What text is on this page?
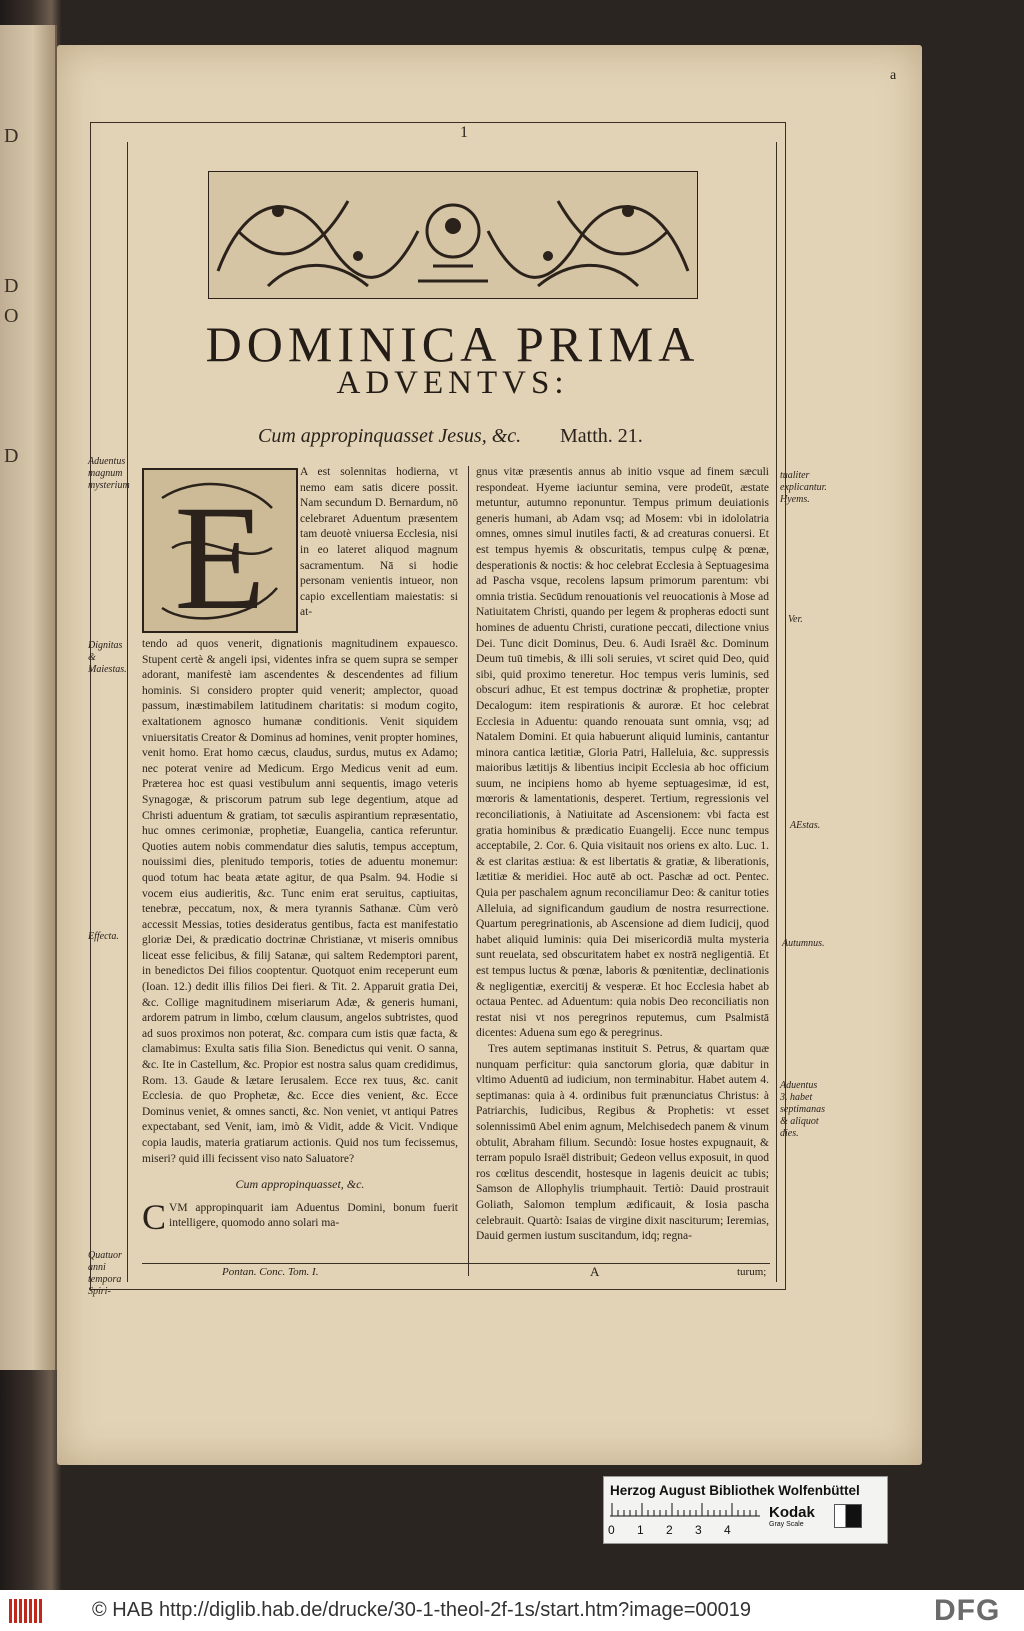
D
D
O
D
a
1
DOMINICA PRIMA
ADVENTVS:
Cum appropinquasset Jesus, &c. Matth. 21.
E

A est solennitas hodierna, vt nemo eam satis dicere possit. Nam secundum D. Bernardum, nō celebraret Aduentum præsentem tam deuotè vniuersa Ecclesia, nisi in eo lateret aliquod magnum sacramentum. Nā si hodie personam venientis intueor, non capio excellentiam maiestatis: si at-

tendo ad quos venerit, dignationis magnitudinem expauesco. Stupent certè & angeli ipsi, videntes infra se quem supra se semper adorant, manifestè iam ascendentes & descendentes ad filium hominis. Si considero propter quid venerit; amplector, quoad passum, inæstimabilem latitudinem charitatis: si modum cogito, exaltationem agnosco humanæ conditionis. Venit siquidem vniuersitatis Creator & Dominus ad homines, venit propter homines, venit homo. Erat homo cæcus, claudus, surdus, mutus ex Adamo; nec poterat venire ad Medicum. Ergo Medicus venit ad eum. Præterea hoc est quasi vestibulum anni sequentis, imago veteris Synagogæ, & priscorum patrum sub lege degentium, atque ad Christi aduentum & gratiam, tot sæculis aspirantium repræsentatio, huc omnes cerimoniæ, prophetiæ, Euangelia, cantica referuntur. Quoties autem nobis commendatur dies salutis, tempus acceptum, nouissimi dies, plenitudo temporis, toties de aduentu monemur: quod totum hac beata ætate agitur, de qua Psalm. 94. Hodie si vocem eius audieritis, &c. Tunc enim erat seruitus, captiuitas, tenebræ, peccatum, nox, & mera tyrannis Sathanæ. Cùm verò accessit Messias, toties desideratus gentibus, facta est manifestatio gloriæ Dei, & prædicatio doctrinæ Christianæ, vt miseris omnibus liceat esse felicibus, & filij Satanæ, qui saltem Redemptori parent, in benedictos Dei filios cooptentur. Quotquot enim receperunt eum (Ioan. 12.) dedit illis filios Dei fieri. & Tit. 2. Apparuit gratia Dei, &c. Collige magnitudinem miseriarum Adæ, & generis humani, ardorem patrum in limbo, cœlum clausum, angelos subtristes, quod ad suos proximos non poterat, &c. compara cum istis quæ facta, & clamabimus: Exulta satis filia Sion. Benedictus qui venit. O sanna, &c. Ite in Castellum, &c. Propior est nostra salus quam credidimus, Rom. 13. Gaude & lætare Ierusalem. Ecce rex tuus, &c. canit Ecclesia. de quo Prophetæ, &c. Ecce dies venient, &c. Ecce Dominus veniet, & omnes sancti, &c. Non veniet, vt antiqui Patres expectabant, sed Venit, iam, imò & Vidit, adde & Vicit. Vndique copia laudis, materia gratiarum actionis. Quid nos tum fecissemus, miseri? quid illi fecissent viso nato Saluatore?

Cum appropinquasset, &c.

CVM appropinquarit iam Aduentus Domini, bonum fuerit intelligere, quomodo anno solari ma-

gnus vitæ præsentis annus ab initio vsque ad finem sæculi respondeat. Hyeme iaciuntur semina, vere prodeūt, æstate metuntur, autumno reponuntur. Tempus primum deuiationis generis humani, ab Adam vsq; ad Mosem: vbi in idololatria omnes, omnes simul inutiles facti, & ad creaturas conuersi. Et est tempus hyemis & obscuritatis, tempus culpę & pœnæ, desperationis & noctis: & hoc celebrat Ecclesia à Septuagesima ad Pascha vsque, recolens lapsum primorum parentum: vbi omnia tristia. Secūdum renouationis vel reuocationis à Mose ad Natiuitatem Christi, quando per legem & propheras edocti sunt homines de aduentu Christi, curatione peccati, dilectione vnius Dei. Tunc dicit Dominus, Deu. 6. Audi Israël &c. Dominum Deum tuū timebis, & illi soli seruies, vt sciret quid Deo, quid sibi, quid proximo teneretur. Hoc tempus veris luminis, sed obscuri adhuc, Et est tempus doctrinæ & prophetiæ, propter Decalogum: item respirationis & auroræ. Et hoc celebrat Ecclesia in Aduentu: quando renouata sunt omnia, vsq; ad Natalem Domini. Et quia habuerunt aliquid luminis, cantantur minora cantica lætitiæ, Gloria Patri, Halleluia, &c. suppressis maioribus lætitijs & libentius incipit Ecclesia ab hoc officium suum, ne incipiens homo ab hyeme septuagesimæ, id est, mœroris & lamentationis, desperet. Tertium, regressionis vel reconciliationis, à Natiuitate ad Ascensionem: vbi facta est gratia hominibus & prædicatio Euangelij. Ecce nunc tempus acceptabile, 2. Cor. 6. Quia visitauit nos oriens ex alto. Luc. 1. & est claritas æstiua: & est libertatis & gratiæ, & liberationis, lætitiæ & meridiei. Hoc autē ab oct. Paschæ ad oct. Pentec. Quia per paschalem agnum reconciliamur Deo: & canitur toties Alleluia, ad significandum gaudium de nostra resurrectione. Quartum peregrinationis, ab Ascensione ad diem Iudicij, quod habet aliquid luminis: quia Dei misericordiā multa mysteria sunt reuelata, sed obscuritatem habet ex nostrā negligentiā. Et est tempus luctus & pœnæ, laboris & pœnitentiæ, declinationis & negligentiæ, exercitij & vesperæ. Et hoc Ecclesia habet ab octaua Pentec. ad Aduentum: quia nobis Deo reconciliatis non restat nisi vt nos peregrinos reputemus, cum Psalmistā dicentes: Aduena sum ego & peregrinus.

Tres autem septimanas instituit S. Petrus, & quartam quæ nunquam perficitur: quia sanctorum gloria, quæ dabitur in vltimo Aduentū ad iudicium, non terminabitur. Habet autem 4. septimanas: quia à 4. ordinibus fuit prænunciatus Christus: à Patriarchis, Iudicibus, Regibus & Prophetis: vt esset solennissimū Abel enim agnum, Melchisedech panem & vinum obtulit, Abraham filium. Secundò: Iosue hostes expugnauit, & terram populo Israël distribuit; Gedeon vellus exposuit, in quod ros cœlitus descendit, hostesque in lagenis deuicit ac tubis; Samson de Allophylis triumphauit. Tertiò: Dauid prostrauit Goliath, Salomon templum ædificauit, & Iosia pascha celebrauit. Quartò: Isaias de virgine dixit nasciturum; Ieremias, Dauid germen iustum suscitandum, idq; regna-

Aduentus magnum mysterium
Dignitas & Maiestas.
Effecta.
Quatuor anni tempora Spiri-
tualiter explicantur. Hyems.
Ver.
AEstas.
Autumnus.
Aduentus 3. habet septimanas & aliquot dies.
Pontan. Conc. Tom. I.	A	turum;
Herzog August Bibliothek Wolfenbüttel
0 1 2 3 4
Kodak
Gray Scale
© HAB http://diglib.hab.de/drucke/30-1-theol-2f-1s/start.htm?image=00019	DFG
